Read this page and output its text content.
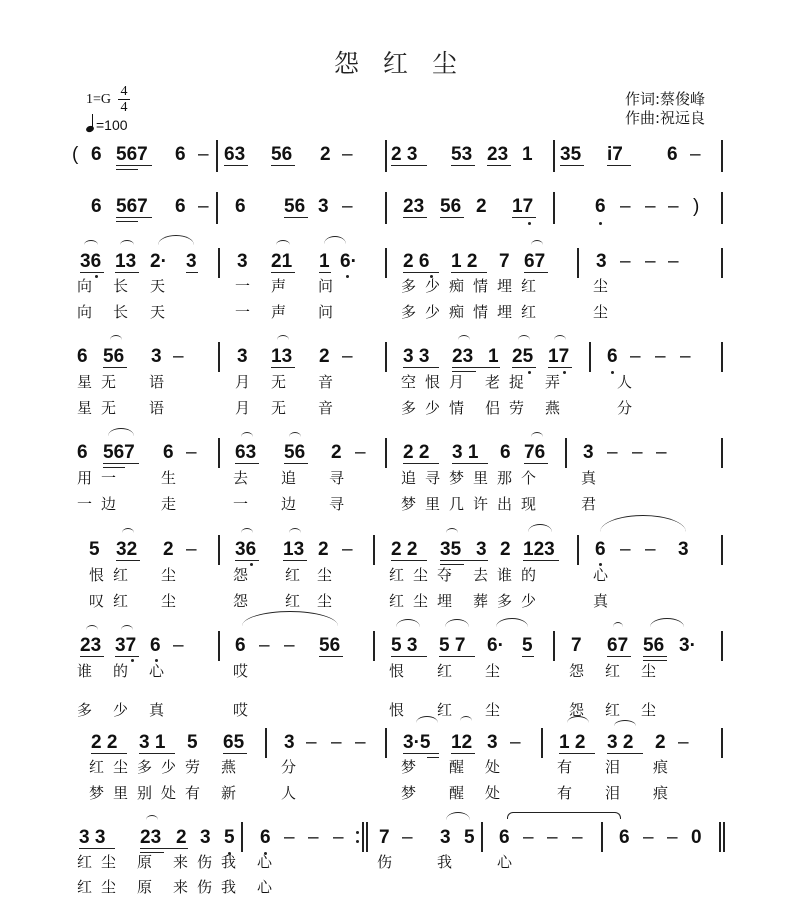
怨红尘
1=G
4
4
=100
作词:蔡俊峰
作曲:祝远良
( 6 567 6 – 63 56 2 – 2 3 53 23 1 35 i7 6 –
6 567 6 – 6 56 3 –	23 56 2 17	6 – – – )
36 13 2· 3 3 21 1 6· 2 6 1 2 7 67	3 – – –
向 长 天	一 声 问	多 少 痴 情 埋 红	尘
向 长 天	一 声 问	多 少 痴 情 埋 红	尘
6 56 3 –	3 13 2 –	3 3 23 1 25 17 6 – – –
星 无 语	月 无 音	空 恨 月 老 捉 弄	人
星 无 语	月 无 音	多 少 情 侣 劳 燕	分
6 567 6 – 63 56 2 – 2 2 3 1 6 76 3 – – –
用 一	生	去 追 寻	追 寻 梦 里 那 个	真
一 边	走	一 边 寻	梦 里 几 许 出 现	君
5 32 2 – 36 13 2 – 2 2 35 3 2 123 6 – – 3
恨 红 尘	怨 红 尘	红 尘 夺 去 谁 的	心
叹 红 尘	怨 红 尘	红 尘 埋 葬 多 少	真
23 37 6 –	6 – – 56	5 3 5 7 6· 5 7 67 56 3·
谁 的 心	哎	恨 红 尘	怨 红 尘
多 少 真	哎	恨 红 尘	怨 红 尘
2 2 3 1 5 65 3 – – – 3·5 12 3 – 1 2 3 2 2 –
红 尘 多 少 劳 燕	分	梦 醒 处	有 泪 痕
梦 里 别 处 有 新	人	梦 醒 处	有 泪 痕
3 3 23 2 3 5 6 – – – 7 – 3 5 6 – – – 6 – – 0
红 尘 原 来 伤 我 心	伤	我	心
红 尘 原 来 伤 我 心
